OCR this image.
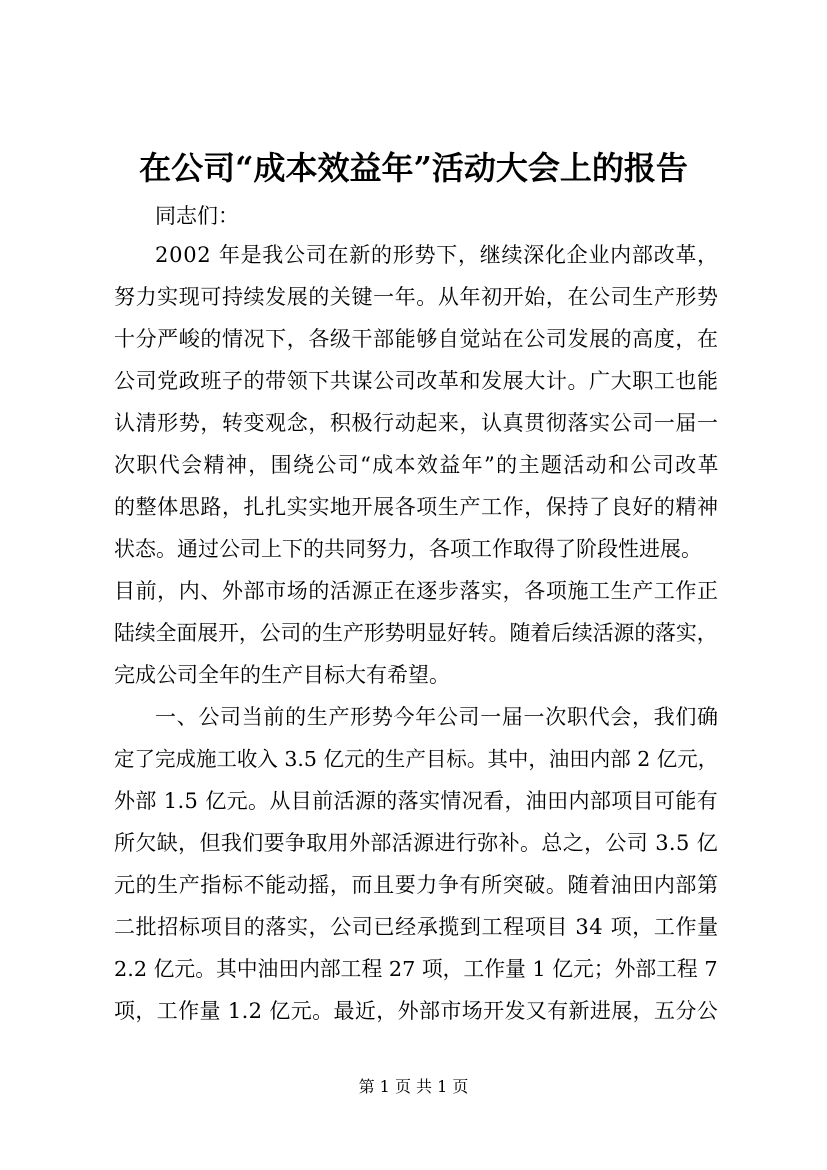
在公司“成本效益年”活动大会上的报告
同志们：
2002 年是我公司在新的形势下，继续深化企业内部改革，
努力实现可持续发展的关键一年。从年初开始，在公司生产形势
十分严峻的情况下，各级干部能够自觉站在公司发展的高度，在
公司党政班子的带领下共谋公司改革和发展大计。广大职工也能
认清形势，转变观念，积极行动起来，认真贯彻落实公司一届一
次职代会精神，围绕公司“成本效益年”的主题活动和公司改革
的整体思路，扎扎实实地开展各项生产工作，保持了良好的精神
状态。通过公司上下的共同努力，各项工作取得了阶段性进展。
目前，内、外部市场的活源正在逐步落实，各项施工生产工作正
陆续全面展开，公司的生产形势明显好转。随着后续活源的落实，
完成公司全年的生产目标大有希望。
一、公司当前的生产形势今年公司一届一次职代会，我们确
定了完成施工收入 3.5 亿元的生产目标。其中，油田内部 2 亿元，
外部 1.5 亿元。从目前活源的落实情况看，油田内部项目可能有
所欠缺，但我们要争取用外部活源进行弥补。总之，公司 3.5 亿
元的生产指标不能动摇，而且要力争有所突破。随着油田内部第
二批招标项目的落实，公司已经承揽到工程项目 34 项，工作量
2.2 亿元。其中油田内部工程 27 项，工作量 1 亿元；外部工程 7
项，工作量 1.2 亿元。最近，外部市场开发又有新进展，五分公
第 1 页 共 1 页
